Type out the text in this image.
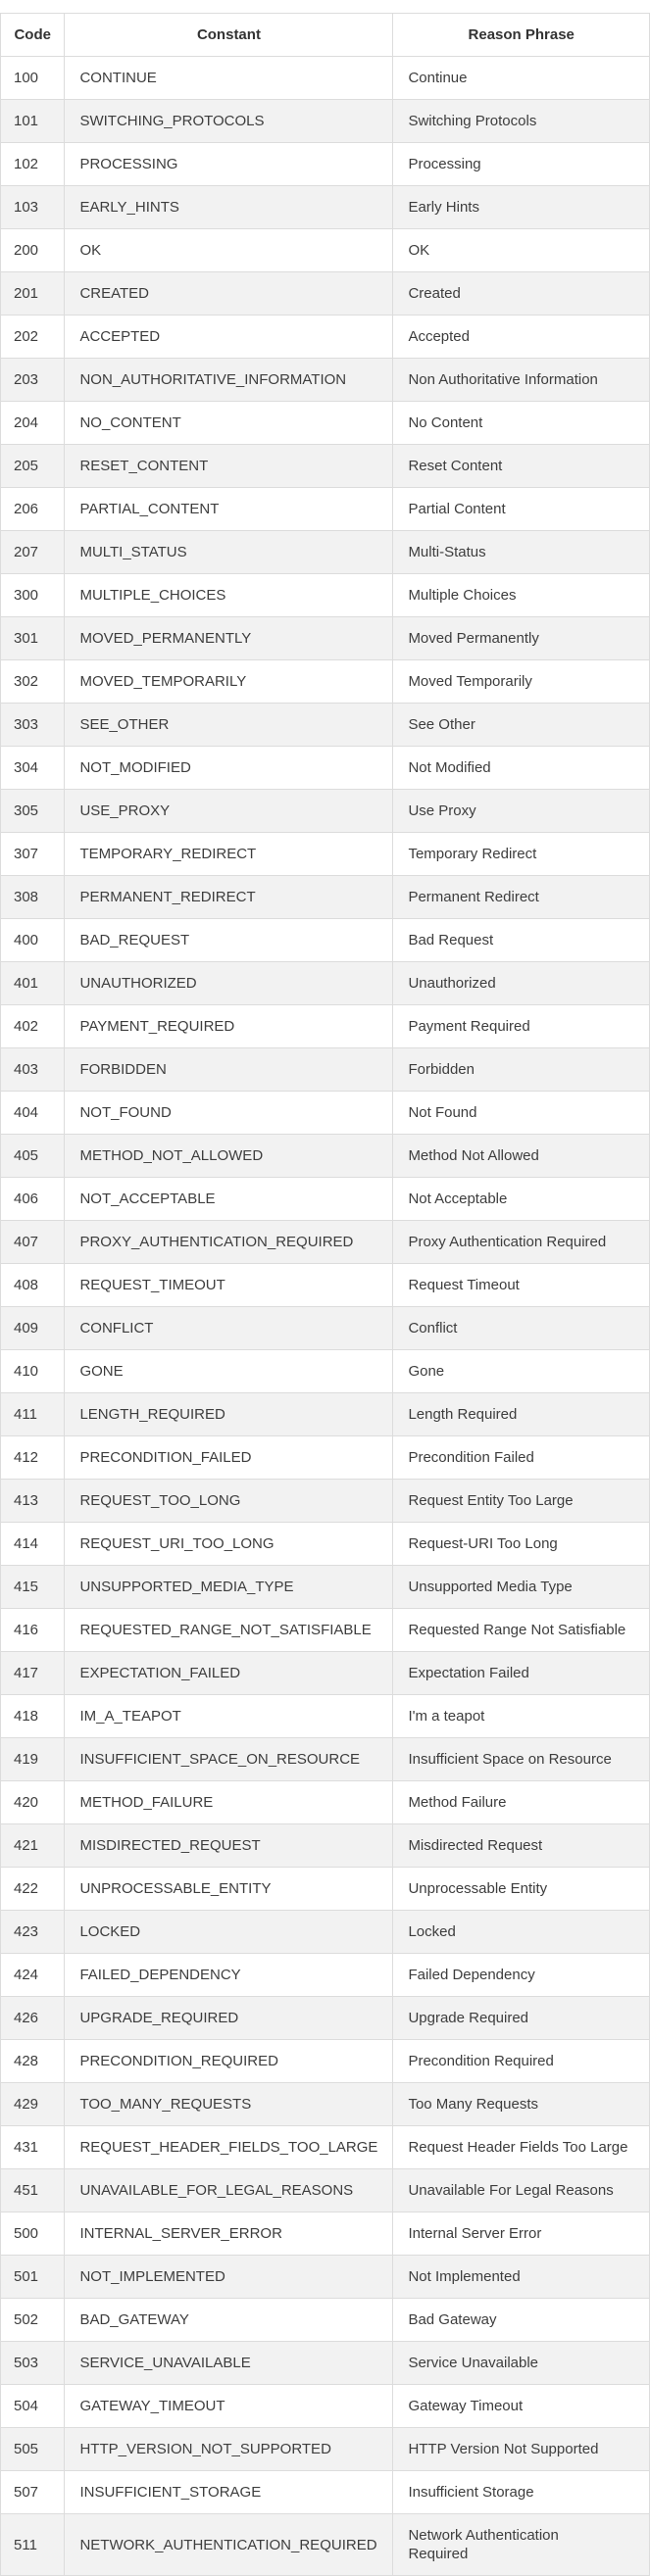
Code	Constant	Reason Phrase
100	CONTINUE	Continue
101	SWITCHING_PROTOCOLS	Switching Protocols
102	PROCESSING	Processing
103	EARLY_HINTS	Early Hints
200	OK	OK
201	CREATED	Created
202	ACCEPTED	Accepted
203	NON_AUTHORITATIVE_INFORMATION	Non Authoritative Information
204	NO_CONTENT	No Content
205	RESET_CONTENT	Reset Content
206	PARTIAL_CONTENT	Partial Content
207	MULTI_STATUS	Multi-Status
300	MULTIPLE_CHOICES	Multiple Choices
301	MOVED_PERMANENTLY	Moved Permanently
302	MOVED_TEMPORARILY	Moved Temporarily
303	SEE_OTHER	See Other
304	NOT_MODIFIED	Not Modified
305	USE_PROXY	Use Proxy
307	TEMPORARY_REDIRECT	Temporary Redirect
308	PERMANENT_REDIRECT	Permanent Redirect
400	BAD_REQUEST	Bad Request
401	UNAUTHORIZED	Unauthorized
402	PAYMENT_REQUIRED	Payment Required
403	FORBIDDEN	Forbidden
404	NOT_FOUND	Not Found
405	METHOD_NOT_ALLOWED	Method Not Allowed
406	NOT_ACCEPTABLE	Not Acceptable
407	PROXY_AUTHENTICATION_REQUIRED	Proxy Authentication Required
408	REQUEST_TIMEOUT	Request Timeout
409	CONFLICT	Conflict
410	GONE	Gone
411	LENGTH_REQUIRED	Length Required
412	PRECONDITION_FAILED	Precondition Failed
413	REQUEST_TOO_LONG	Request Entity Too Large
414	REQUEST_URI_TOO_LONG	Request-URI Too Long
415	UNSUPPORTED_MEDIA_TYPE	Unsupported Media Type
416	REQUESTED_RANGE_NOT_SATISFIABLE	Requested Range Not Satisfiable
417	EXPECTATION_FAILED	Expectation Failed
418	IM_A_TEAPOT	I'm a teapot
419	INSUFFICIENT_SPACE_ON_RESOURCE	Insufficient Space on Resource
420	METHOD_FAILURE	Method Failure
421	MISDIRECTED_REQUEST	Misdirected Request
422	UNPROCESSABLE_ENTITY	Unprocessable Entity
423	LOCKED	Locked
424	FAILED_DEPENDENCY	Failed Dependency
426	UPGRADE_REQUIRED	Upgrade Required
428	PRECONDITION_REQUIRED	Precondition Required
429	TOO_MANY_REQUESTS	Too Many Requests
431	REQUEST_HEADER_FIELDS_TOO_LARGE	Request Header Fields Too Large
451	UNAVAILABLE_FOR_LEGAL_REASONS	Unavailable For Legal Reasons
500	INTERNAL_SERVER_ERROR	Internal Server Error
501	NOT_IMPLEMENTED	Not Implemented
502	BAD_GATEWAY	Bad Gateway
503	SERVICE_UNAVAILABLE	Service Unavailable
504	GATEWAY_TIMEOUT	Gateway Timeout
505	HTTP_VERSION_NOT_SUPPORTED	HTTP Version Not Supported
507	INSUFFICIENT_STORAGE	Insufficient Storage
511	NETWORK_AUTHENTICATION_REQUIRED	Network Authentication Required
